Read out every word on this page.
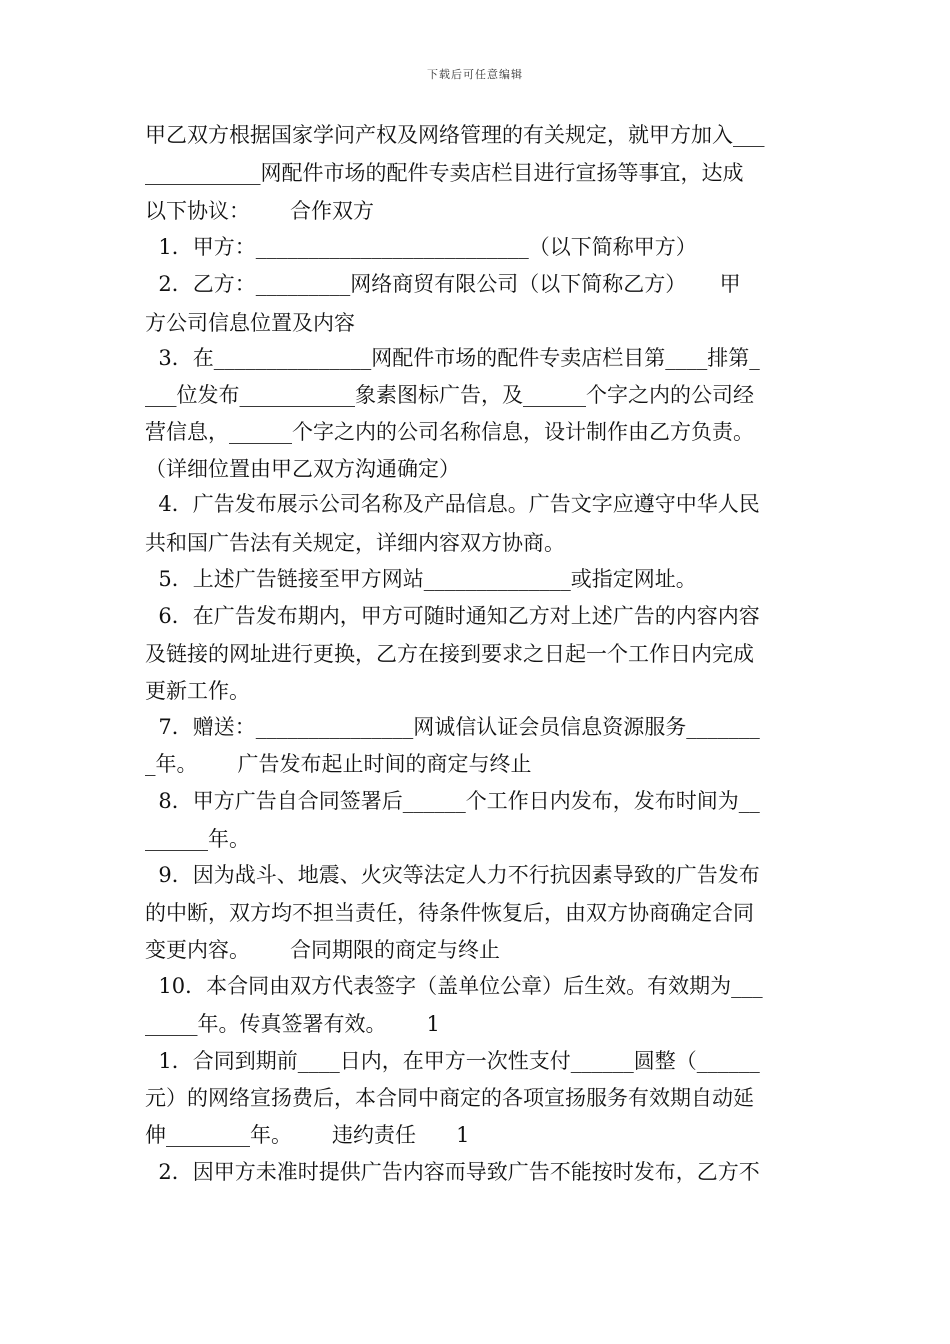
下载后可任意编辑
甲乙双方根据国家学问产权及网络管理的有关规定，就甲方加入___
___________网配件市场的配件专卖店栏目进行宣扬等事宜，达成
以下协议：      合作双方
1．甲方：__________________________（以下简称甲方）
2．乙方：_________网络商贸有限公司（以下简称乙方）     甲
方公司信息位置及内容
3．在_______________网配件市场的配件专卖店栏目第____排第_
___位发布___________象素图标广告，及______个字之内的公司经
营信息，______个字之内的公司名称信息，设计制作由乙方负责。
（详细位置由甲乙双方沟通确定）
4．广告发布展示公司名称及产品信息。广告文字应遵守中华人民
共和国广告法有关规定，详细内容双方协商。
5．上述广告链接至甲方网站______________或指定网址。
6．在广告发布期内，甲方可随时通知乙方对上述广告的内容内容
及链接的网址进行更换，乙方在接到要求之日起一个工作日内完成
更新工作。
7．赠送：_______________网诚信认证会员信息资源服务_______
_年。      广告发布起止时间的商定与终止
8．甲方广告自合同签署后______个工作日内发布，发布时间为__
______年。
9．因为战斗、地震、火灾等法定人力不行抗因素导致的广告发布
的中断，双方均不担当责任，待条件恢复后，由双方协商确定合同
变更内容。      合同期限的商定与终止
10．本合同由双方代表签字（盖单位公章）后生效。有效期为___
_____年。传真签署有效。      1
1．合同到期前____日内，在甲方一次性支付______圆整（______
元）的网络宣扬费后，本合同中商定的各项宣扬服务有效期自动延
伸________年。      违约责任      1
2．因甲方未准时提供广告内容而导致广告不能按时发布，乙方不
